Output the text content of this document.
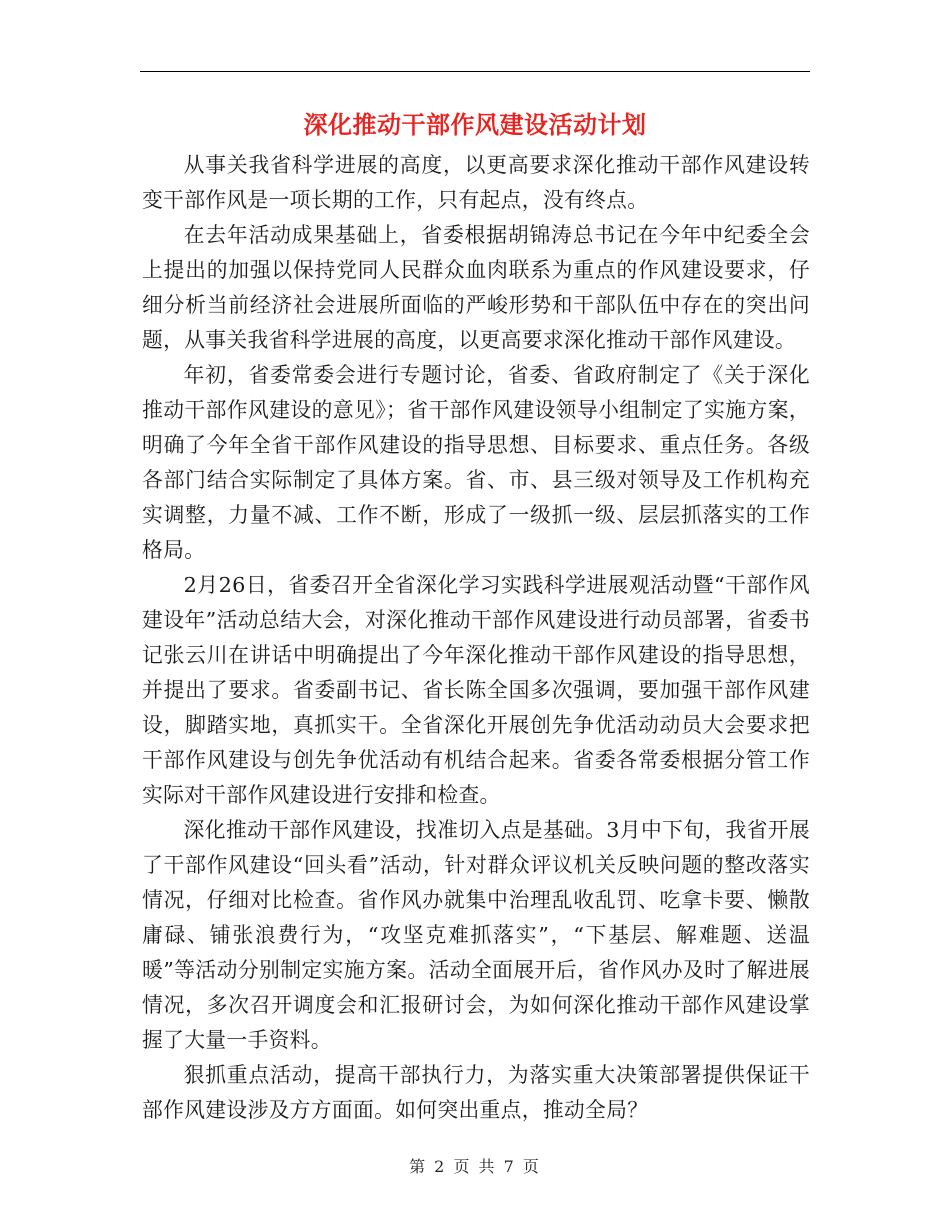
深化推动干部作风建设活动计划

从事关我省科学进展的高度，以更高要求深化推动干部作风建设转变干部作风是一项长期的工作，只有起点，没有终点。

在去年活动成果基础上，省委根据胡锦涛总书记在今年中纪委全会上提出的加强以保持党同人民群众血肉联系为重点的作风建设要求，仔细分析当前经济社会进展所面临的严峻形势和干部队伍中存在的突出问题，从事关我省科学进展的高度，以更高要求深化推动干部作风建设。

年初，省委常委会进行专题讨论，省委、省政府制定了《关于深化推动干部作风建设的意见》；省干部作风建设领导小组制定了实施方案，明确了今年全省干部作风建设的指导思想、目标要求、重点任务。各级各部门结合实际制定了具体方案。省、市、县三级对领导及工作机构充实调整，力量不减、工作不断，形成了一级抓一级、层层抓落实的工作格局。

2月26日，省委召开全省深化学习实践科学进展观活动暨“干部作风建设年”活动总结大会，对深化推动干部作风建设进行动员部署，省委书记张云川在讲话中明确提出了今年深化推动干部作风建设的指导思想，并提出了要求。省委副书记、省长陈全国多次强调，要加强干部作风建设，脚踏实地，真抓实干。全省深化开展创先争优活动动员大会要求把干部作风建设与创先争优活动有机结合起来。省委各常委根据分管工作实际对干部作风建设进行安排和检查。

深化推动干部作风建设，找准切入点是基础。3月中下旬，我省开展了干部作风建设“回头看”活动，针对群众评议机关反映问题的整改落实情况，仔细对比检查。省作风办就集中治理乱收乱罚、吃拿卡要、懒散庸碌、铺张浪费行为，“攻坚克难抓落实”，“下基层、解难题、送温暖”等活动分别制定实施方案。活动全面展开后，省作风办及时了解进展情况，多次召开调度会和汇报研讨会，为如何深化推动干部作风建设掌握了大量一手资料。

狠抓重点活动，提高干部执行力，为落实重大决策部署提供保证干部作风建设涉及方方面面。如何突出重点，推动全局？

第 2 页 共 7 页
